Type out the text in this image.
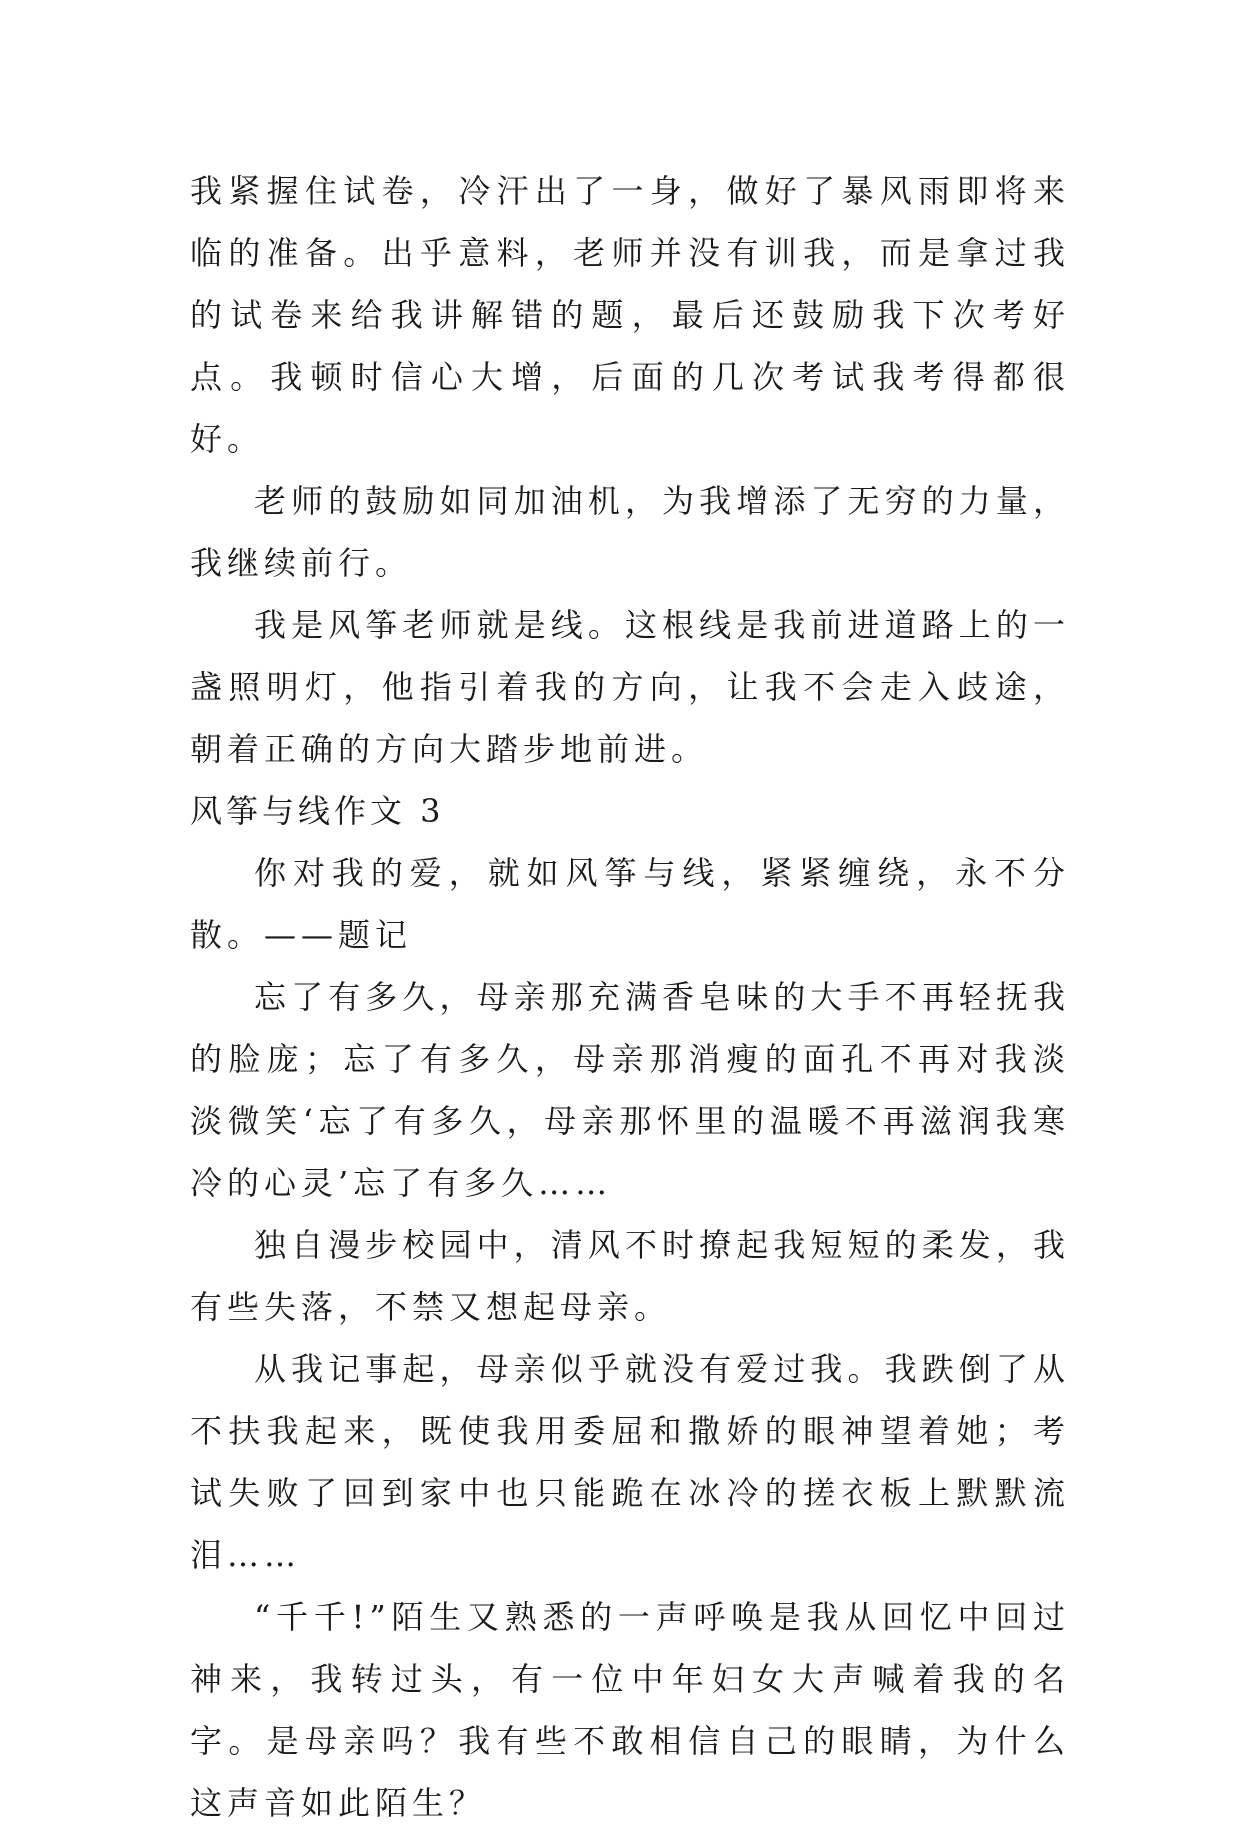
我紧握住试卷，冷汗出了一身，做好了暴风雨即将来临的准备。出乎意料，老师并没有训我，而是拿过我的试卷来给我讲解错的题，最后还鼓励我下次考好点。我顿时信心大增，后面的几次考试我考得都很好。

老师的鼓励如同加油机，为我增添了无穷的力量，我继续前行。

我是风筝老师就是线。这根线是我前进道路上的一盏照明灯，他指引着我的方向，让我不会走入歧途，朝着正确的方向大踏步地前进。

风筝与线作文 3

你对我的爱，就如风筝与线，紧紧缠绕，永不分散。——题记

忘了有多久，母亲那充满香皂味的大手不再轻抚我的脸庞；忘了有多久，母亲那消瘦的面孔不再对我淡淡微笑‘忘了有多久，母亲那怀里的温暖不再滋润我寒冷的心灵’忘了有多久……

独自漫步校园中，清风不时撩起我短短的柔发，我有些失落，不禁又想起母亲。

从我记事起，母亲似乎就没有爱过我。我跌倒了从不扶我起来，既使我用委屈和撒娇的眼神望着她；考试失败了回到家中也只能跪在冰冷的搓衣板上默默流泪……

“千千!”陌生又熟悉的一声呼唤是我从回忆中回过神来，我转过头，有一位中年妇女大声喊着我的名字。是母亲吗？我有些不敢相信自己的眼睛，为什么这声音如此陌生？
